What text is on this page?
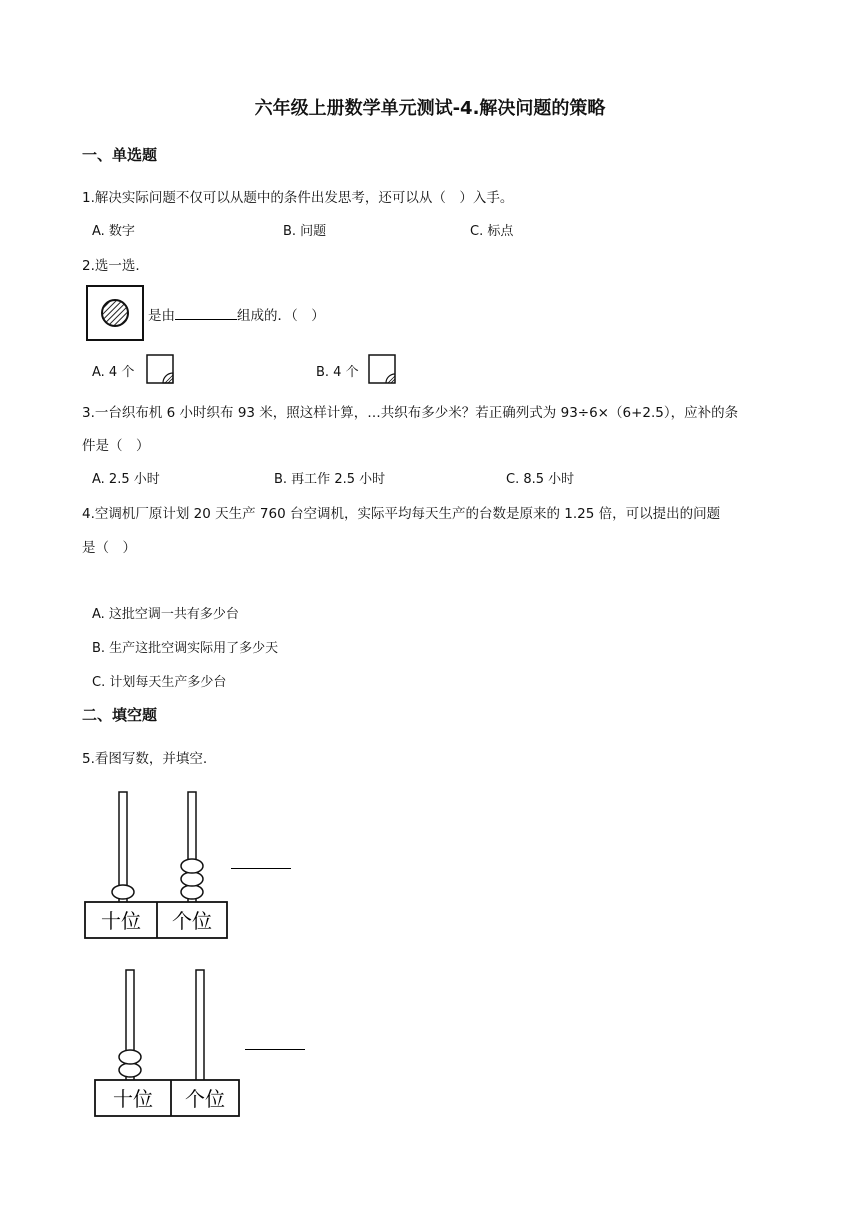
六年级上册数学单元测试-4.解决问题的策略
一、单选题
1.解决实际问题不仅可以从题中的条件出发思考，还可以从（　）入手。
A. 数字	B. 问题	C. 标点
2.选一选.
是由	组成的．（　）
A. 4 个	B. 4 个
3.一台织布机 6 小时织布 93 米，照这样计算，…共织布多少米？若正确列式为 93÷6×（6+2.5），应补的条
件是（　）
A. 2.5 小时	B. 再工作 2.5 小时	C. 8.5 小时
4.空调机厂原计划 20 天生产 760 台空调机，实际平均每天生产的台数是原来的 1.25 倍，可以提出的问题
是（　）
A. 这批空调一共有多少台
B. 生产这批空调实际用了多少天
C. 计划每天生产多少台
二、填空题
5.看图写数，并填空.
十位 个位
十位 个位
